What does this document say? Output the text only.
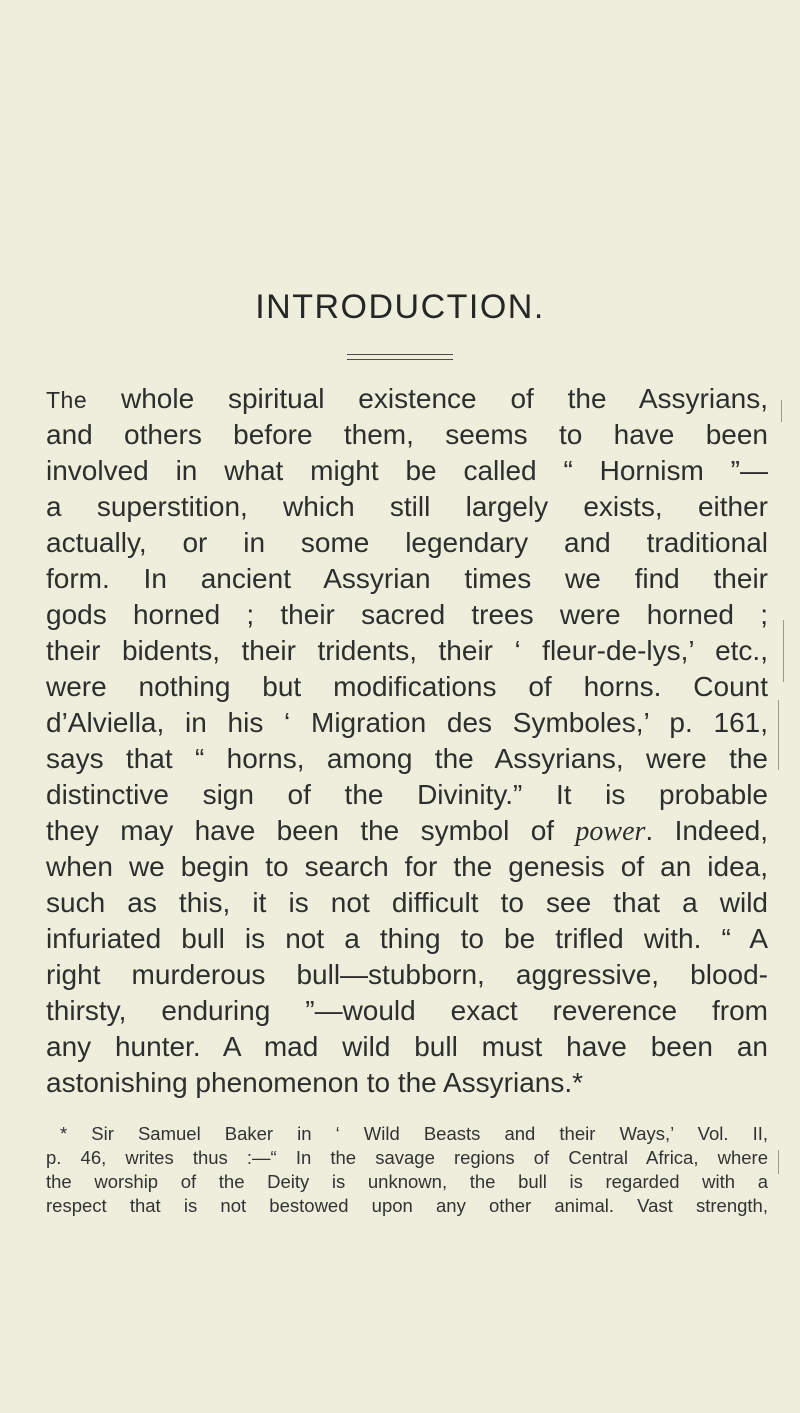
INTRODUCTION.
The whole spiritual existence of the Assyrians,
and others before them, seems to have been
involved in what might be called “ Hornism ”—
a superstition, which still largely exists, either
actually, or in some legendary and traditional
form. In ancient Assyrian times we find their
gods horned ; their sacred trees were horned ;
their bidents, their tridents, their ‘ fleur-de-lys,’ etc.,
were nothing but modifications of horns. Count
d’Alviella, in his ‘ Migration des Symboles,’ p. 161,
says that “ horns, among the Assyrians, were the
distinctive sign of the Divinity.” It is probable
they may have been the symbol of power. Indeed,
when we begin to search for the genesis of an idea,
such as this, it is not difficult to see that a wild
infuriated bull is not a thing to be trifled with. “ A
right murderous bull—stubborn, aggressive, blood-
thirsty, enduring ”—would exact reverence from
any hunter. A mad wild bull must have been an
astonishing phenomenon to the Assyrians.*
* Sir Samuel Baker in ‘ Wild Beasts and their Ways,’ Vol. II,
p. 46, writes thus :—“ In the savage regions of Central Africa, where
the worship of the Deity is unknown, the bull is regarded with a
respect that is not bestowed upon any other animal. Vast strength,
